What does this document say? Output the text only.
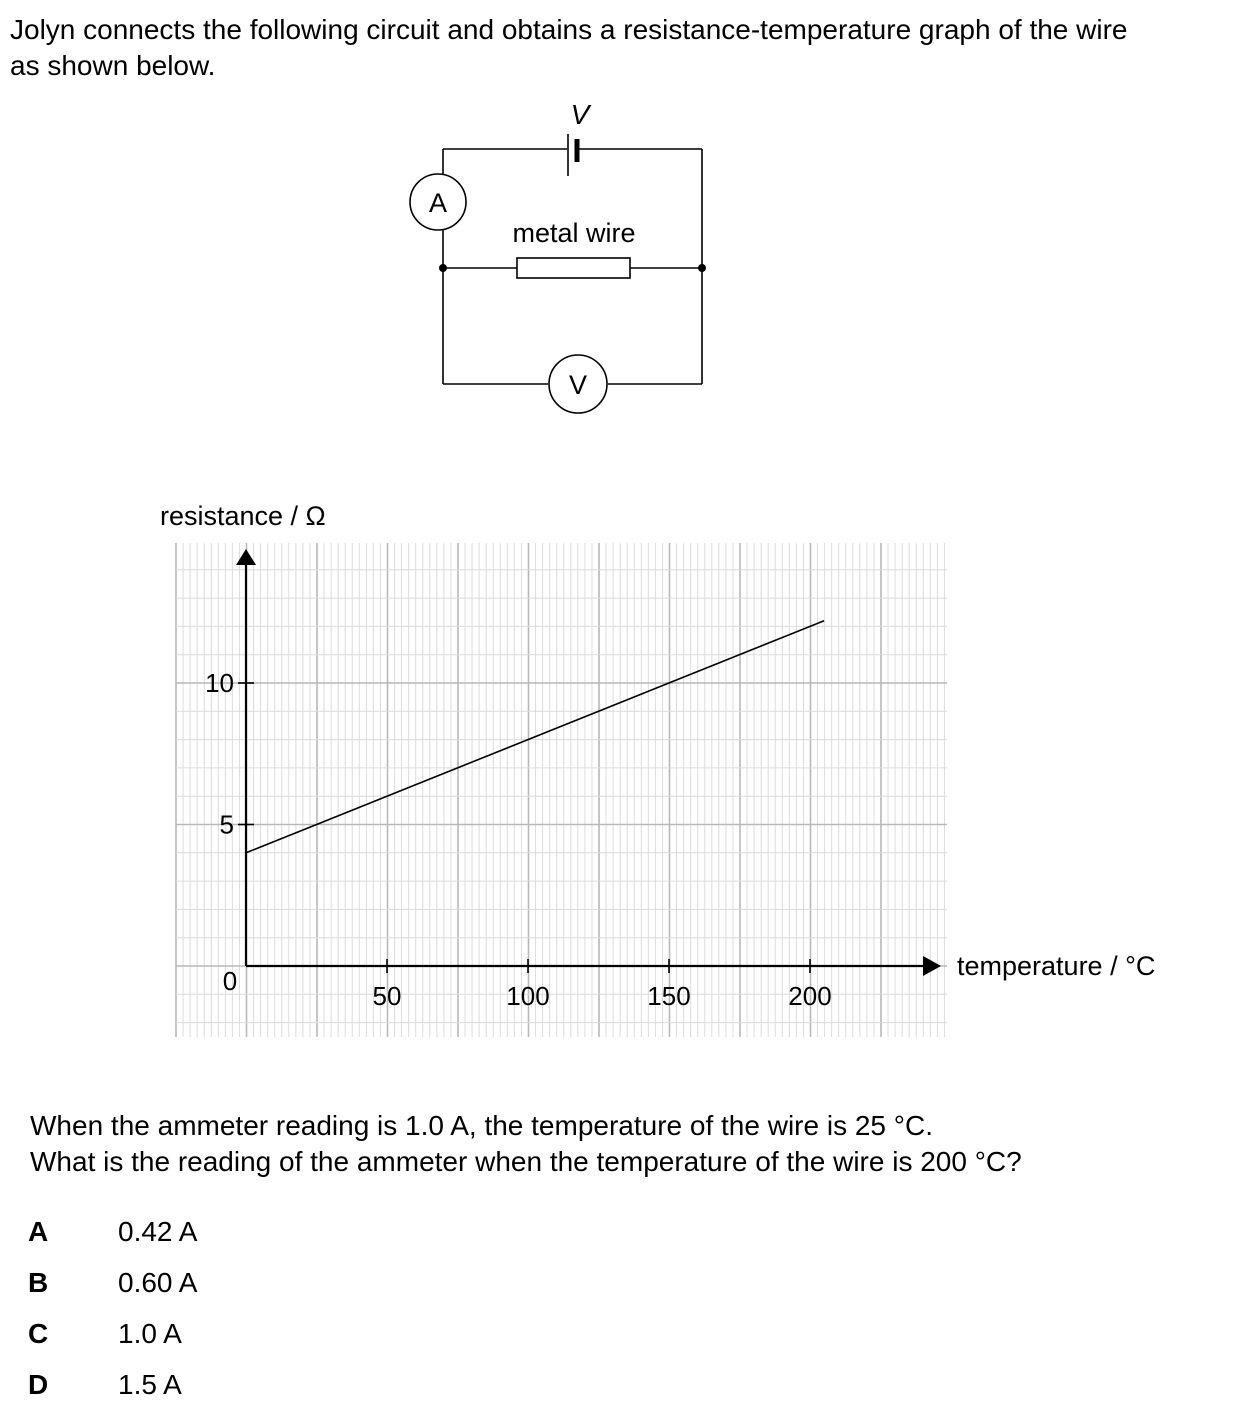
Jolyn connects the following circuit and obtains a resistance-temperature graph of the wire

as shown below.

V
A
metal wire
V
resistance / Ω
50	100	150	200
5
10
0	temperature / °C

When the ammeter reading is 1.0 A, the temperature of the wire is 25 °C.

What is the reading of the ammeter when the temperature of the wire is 200 °C?

A	0.42 A
B	0.60 A
C	1.0 A
D	1.5 A
